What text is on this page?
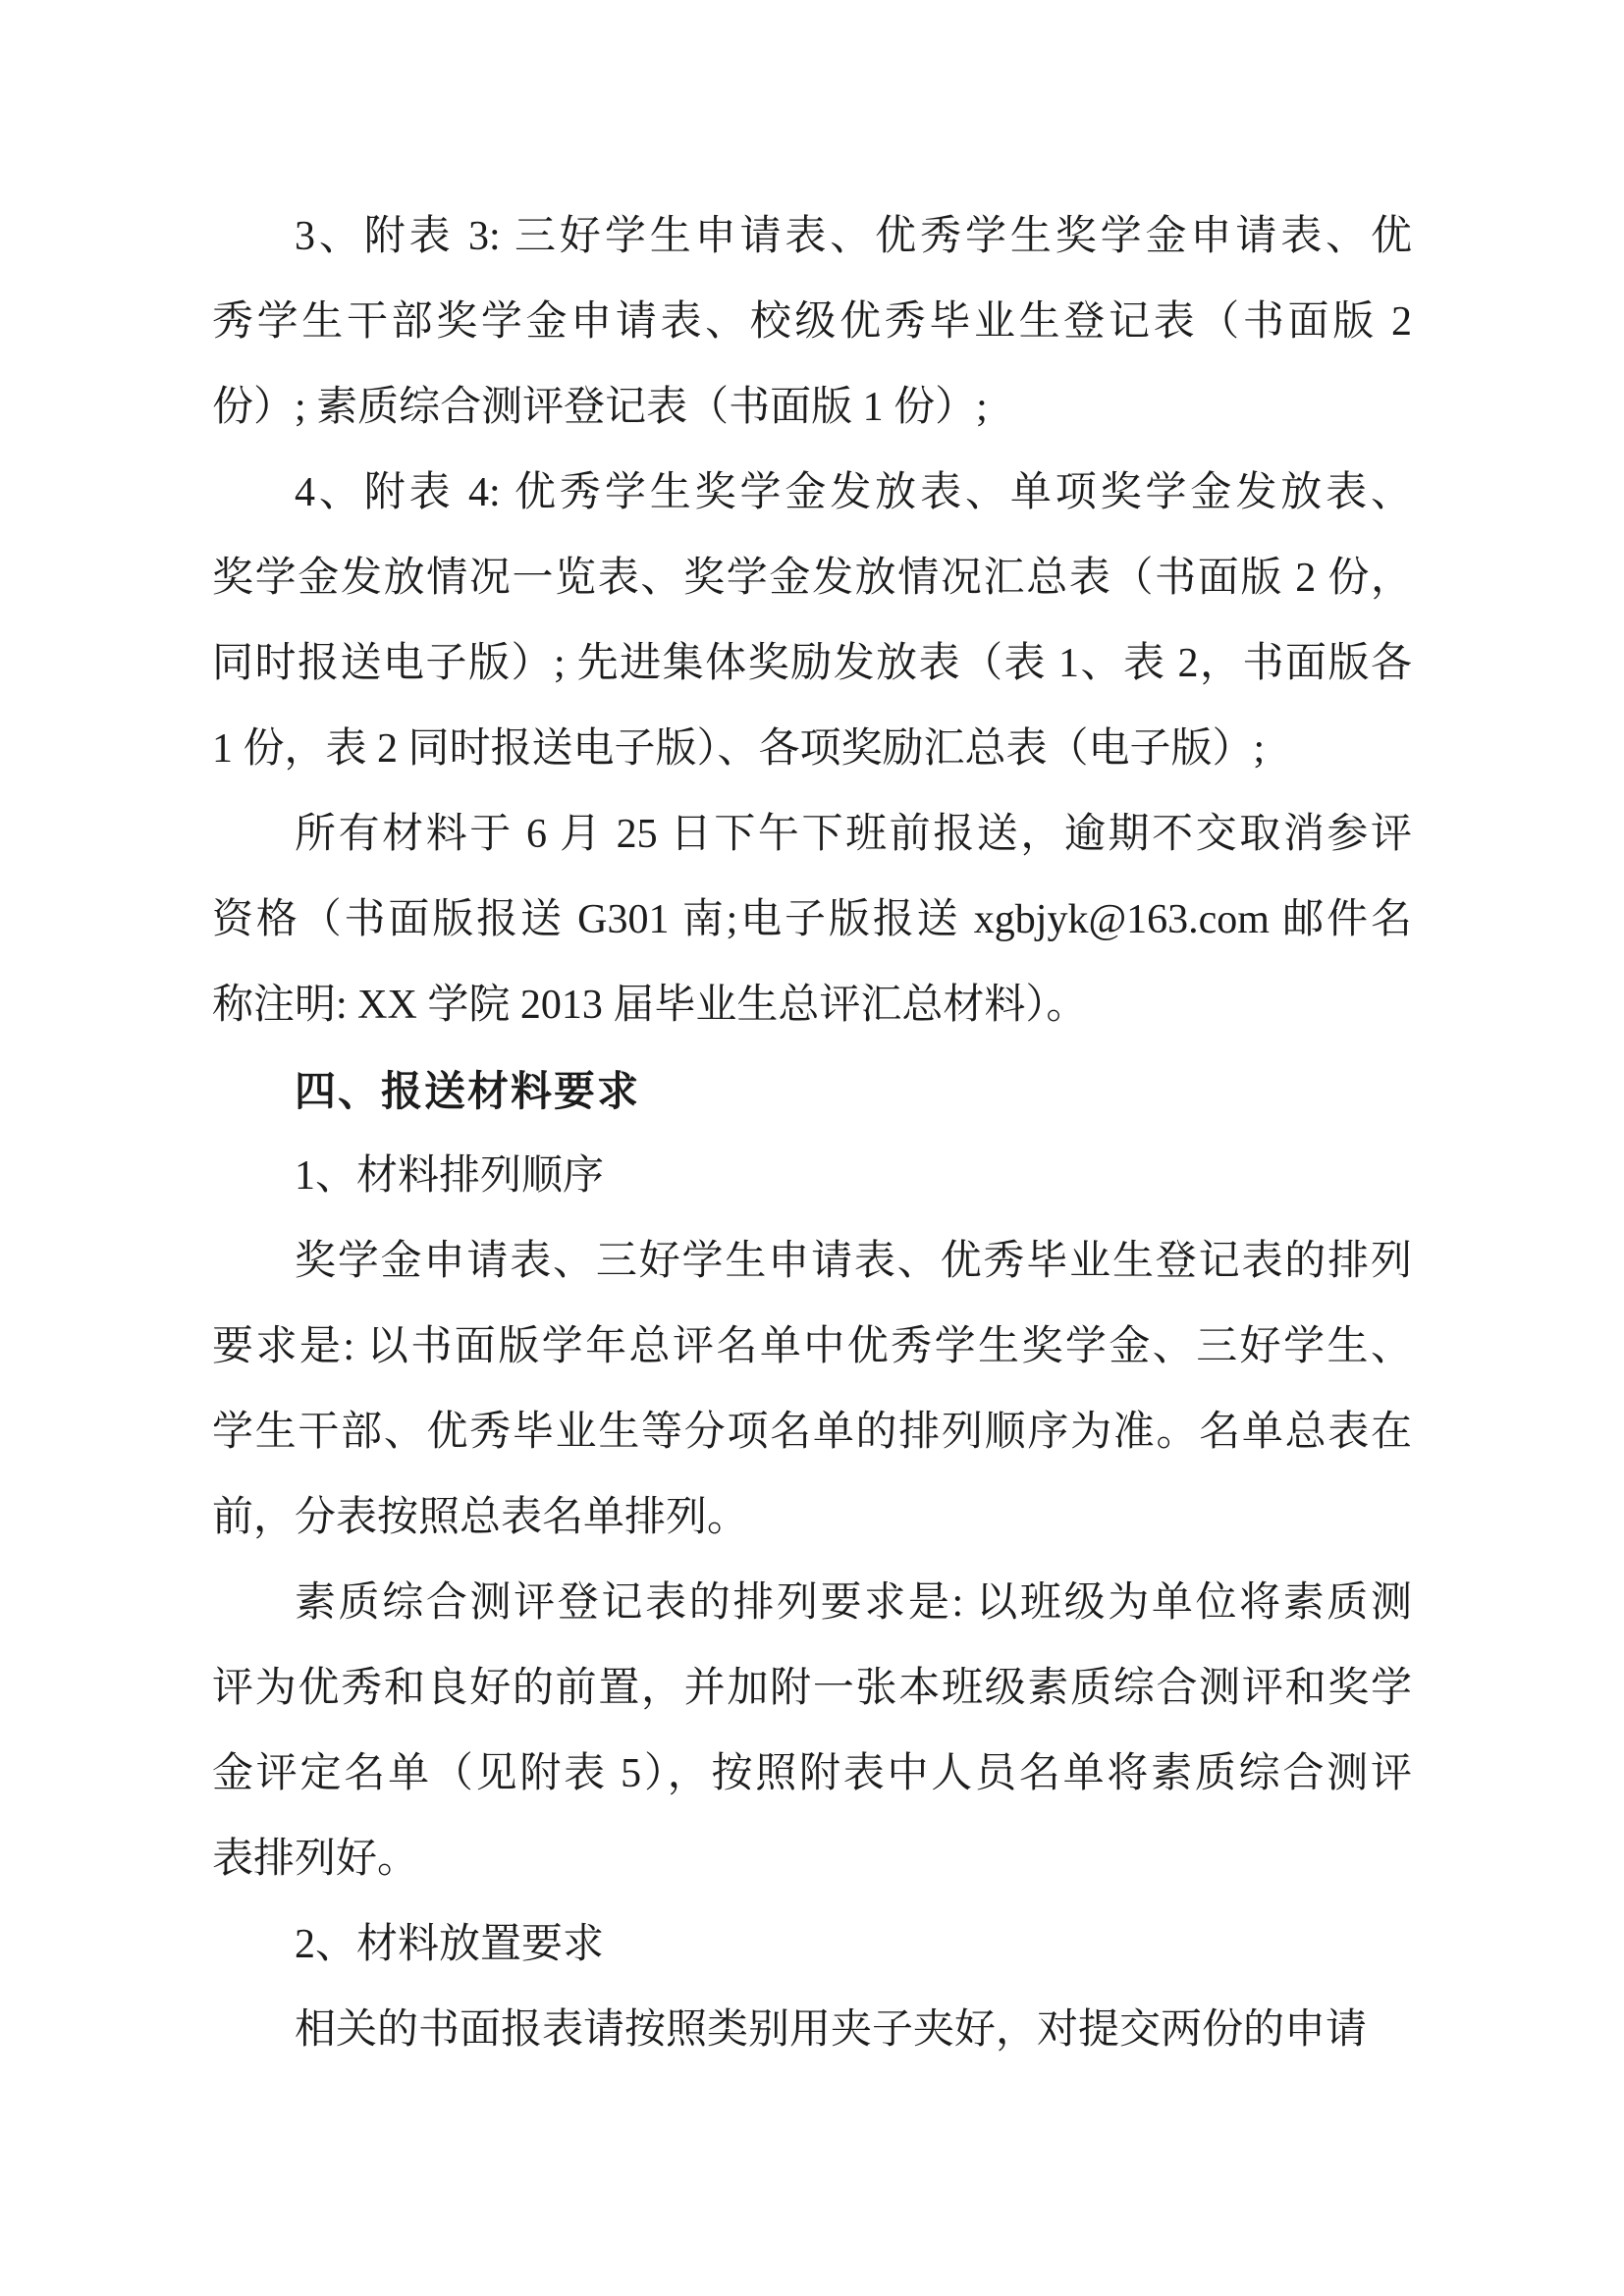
3、附表 3: 三好学生申请表、优秀学生奖学金申请表、优
秀学生干部奖学金申请表、校级优秀毕业生登记表（书面版 2
份）; 素质综合测评登记表（书面版 1 份）;
4、附表 4: 优秀学生奖学金发放表、单项奖学金发放表、
奖学金发放情况一览表、奖学金发放情况汇总表（书面版 2 份，
同时报送电子版）; 先进集体奖励发放表（表 1、表 2，书面版各
1 份，表 2 同时报送电子版）、各项奖励汇总表（电子版）;
所有材料于 6 月 25 日下午下班前报送，逾期不交取消参评
资格（书面版报送 G301 南;电子版报送 xgbjyk@163.com 邮件名
称注明: XX 学院 2013 届毕业生总评汇总材料）。
四、报送材料要求
1、材料排列顺序
奖学金申请表、三好学生申请表、优秀毕业生登记表的排列
要求是: 以书面版学年总评名单中优秀学生奖学金、三好学生、
学生干部、优秀毕业生等分项名单的排列顺序为准。名单总表在
前，分表按照总表名单排列。
素质综合测评登记表的排列要求是: 以班级为单位将素质测
评为优秀和良好的前置，并加附一张本班级素质综合测评和奖学
金评定名单（见附表 5），按照附表中人员名单将素质综合测评
表排列好。
2、材料放置要求
相关的书面报表请按照类别用夹子夹好，对提交两份的申请
